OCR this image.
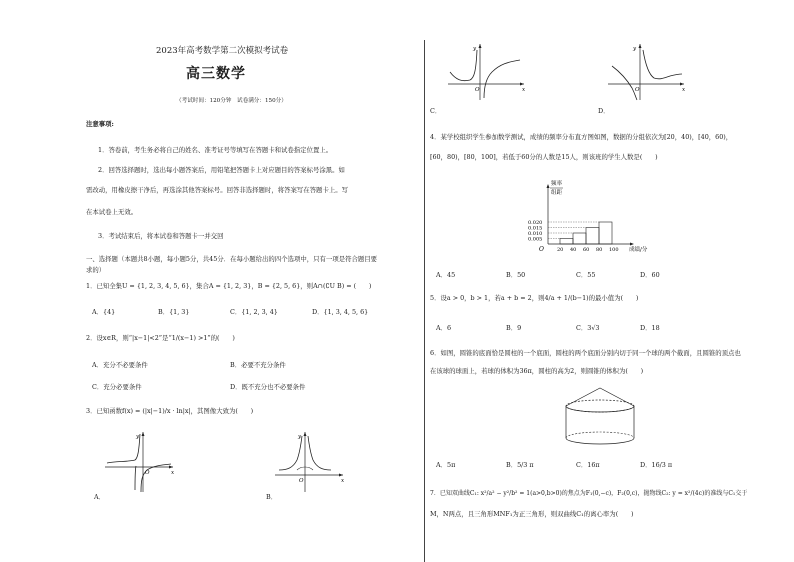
2023年高考数学第二次模拟考试卷
高三数学
（考试时间：120分钟　试卷满分：150分）
注意事项:
1．答卷前，考生务必将自己的姓名、准考证号等填写在答题卡和试卷指定位置上。
2．回答选择题时，选出每小题答案后，用铅笔把答题卡上对应题目的答案标号涂黑。如
需改动，用橡皮擦干净后，再选涂其他答案标号。回答非选择题时，将答案写在答题卡上。写
在本试卷上无效。
3．考试结束后，将本试卷和答题卡一并交回
一、选择题（本题共8小题，每小题5分，共45分．在每小题给出的四个选项中，只有一项是符合题目要
求的）
1．已知全集U = {1, 2, 3, 4, 5, 6}，集合A = {1, 2, 3}，B = {2, 5, 6}，则A∩(∁U B) = (　　)
A．{4}	B．{1, 3}	C．{1, 2, 3, 4}	D．{1, 3, 4, 5, 6}
2．设x∈R，则“|x−1|<2”是“1/(x−1) >1”的(　　)
A．充分不必要条件	B．必要不充分条件
C．充分必要条件	D．既不充分也不必要条件
3．已知函数f(x) = (|x|−1)/x · ln|x|，其图像大致为(　　)
y
x
O
A．
y
x
O
B．
y
x
O
C．
y
x
O
D．
4．某学校组织学生参加数学测试，成绩的频率分布直方图如图，数据的分组依次为[20，40)，[40，60)，
[60，80)，[80，100]，若低于60分的人数是15人，则该班的学生人数是(　　)
频率
组距
0.020
0.015
0.010
0.005
20 40 60 80 100
O	成绩/分
A．45	B．50	C．55	D．60
5．设a > 0，b > 1，若a + b = 2，则4/a + 1/(b−1)的最小值为(　　)
A．6	B．9	C．3√3	D．18
6．如图，圆锥的底面恰是圆柱的一个底面，圆柱的两个底面分别内切于同一个球的两个截面，且圆锥的顶点也
在该球的球面上，若球的体积为36π，圆柱的高为2，则圆锥的体积为(　　)
A．5π	B．5/3 π	C．16π	D．16/3 π
7．已知双曲线C₁: x²/a² − y²/b² = 1(a>0,b>0)的焦点为F₁(0,−c)，F₂(0,c)，抛物线C₂: y = x²/(4c)的准线与C₁交于
M，N两点，且三角形MNF₁为正三角形，则双曲线C₁的离心率为(　　)
